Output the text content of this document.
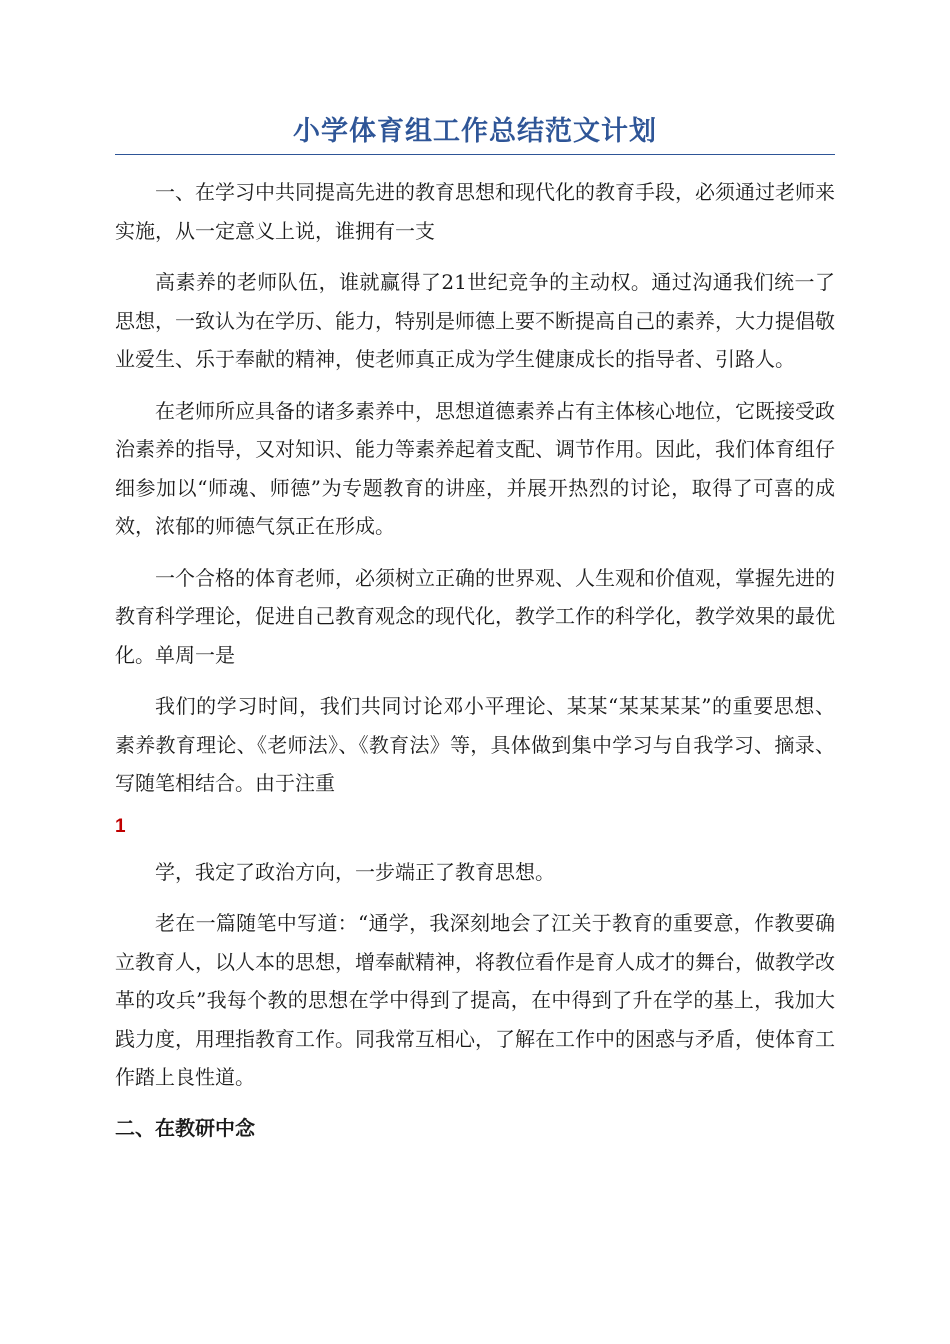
小学体育组工作总结范文计划

一、在学习中共同提高先进的教育思想和现代化的教育手段，必须通过老师来实施，从一定意义上说，谁拥有一支

高素养的老师队伍，谁就赢得了21世纪竞争的主动权。通过沟通我们统一了思想，一致认为在学历、能力，特别是师德上要不断提高自己的素养，大力提倡敬业爱生、乐于奉献的精神，使老师真正成为学生健康成长的指导者、引路人。

在老师所应具备的诸多素养中，思想道德素养占有主体核心地位，它既接受政治素养的指导，又对知识、能力等素养起着支配、调节作用。因此，我们体育组仔细参加以“师魂、师德”为专题教育的讲座，并展开热烈的讨论，取得了可喜的成效，浓郁的师德气氛正在形成。

一个合格的体育老师，必须树立正确的世界观、人生观和价值观，掌握先进的教育科学理论，促进自己教育观念的现代化，教学工作的科学化，教学效果的最优化。单周一是

我们的学习时间，我们共同讨论邓小平理论、某某“某某某某”的重要思想、素养教育理论、《老师法》、《教育法》等，具体做到集中学习与自我学习、摘录、写随笔相结合。由于注重

1

学，我定了政治方向，一步端正了教育思想。

老在一篇随笔中写道：“通学，我深刻地会了江关于教育的重要意，作教要确立教育人，以人本的思想，增奉献精神，将教位看作是育人成才的舞台，做教学改革的攻兵”我每个教的思想在学中得到了提高，在中得到了升在学的基上，我加大践力度，用理指教育工作。同我常互相心，了解在工作中的困惑与矛盾，使体育工作踏上良性道。

二、在教研中念
